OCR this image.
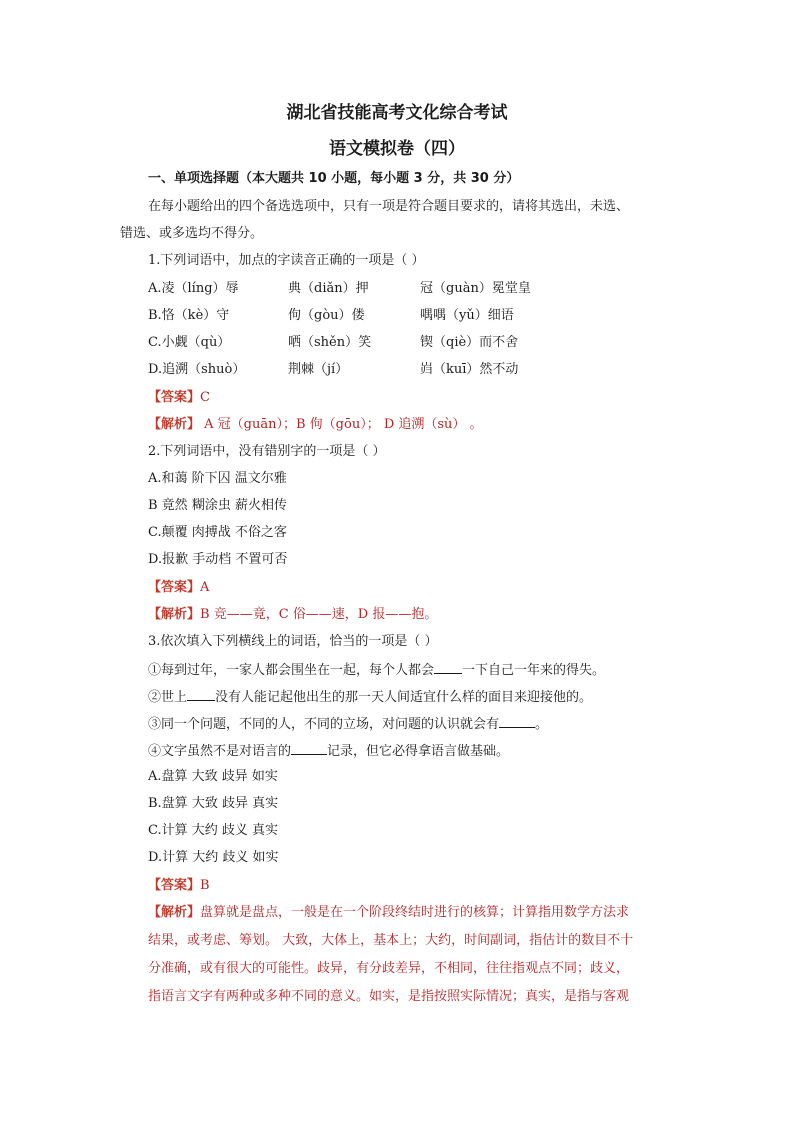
湖北省技能高考文化综合考试
语文模拟卷（四）
一、单项选择题（本大题共 10 小题，每小题 3 分，共 30 分）
在每小题给出的四个备选选项中，只有一项是符合题目要求的，请将其选出，未选、
错选、或多选均不得分。
1.下列词语中，加点的字读音正确的一项是（ ）
A.凌（líng）辱	典（diǎn）押	冠（guàn）冕堂皇
B.恪（kè）守	佝（gòu）偻	喁喁（yǔ）细语
C.小觑（qù）	哂（shěn）笑	锲（qiè）而不舍
D.追溯（shuò）	荆棘（jí）	岿（kuī）然不动
【答案】C
【解析】 A 冠（guān）；B 佝（gōu）； D 追溯（sù） 。
2.下列词语中，没有错别字的一项是（ ）
A.和蔼 阶下囚 温文尔雅
B 竟然 糊涂虫 薪火相传
C.颠覆 肉搏战 不俗之客
D.报歉 手动档 不置可否
【答案】A
【解析】B 竞——竟，C 俗——速，D 报——抱。
3.依次填入下列横线上的词语，恰当的一项是（ ）
①每到过年，一家人都会围坐在一起，每个人都会 一下自己一年来的得失。
②世上 没有人能记起他出生的那一天人间适宜什么样的面目来迎接他的。
③同一个问题，不同的人，不同的立场，对问题的认识就会有	。
④文字虽然不是对语言的	记录，但它必得拿语言做基础。
A.盘算 大致 歧异 如实
B.盘算 大致 歧异 真实
C.计算 大约 歧义 真实
D.计算 大约 歧义 如实
【答案】B
【解析】盘算就是盘点，一般是在一个阶段终结时进行的核算；计算指用数学方法求
结果，或考虑、筹划。 大致，大体上，基本上；大约，时间副词，指估计的数目不十
分准确，或有很大的可能性。歧异，有分歧差异，不相同，往往指观点不同；歧义，
指语言文字有两种或多种不同的意义。如实，是指按照实际情况；真实，是指与客观
